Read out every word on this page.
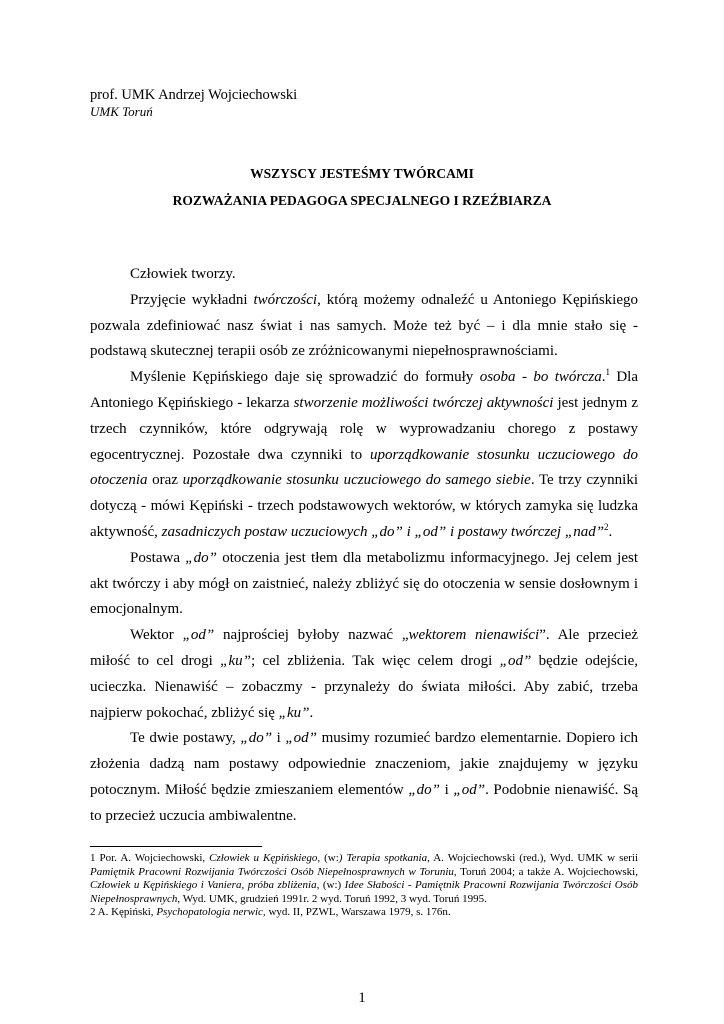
prof. UMK Andrzej Wojciechowski
UMK Toruń
WSZYSCY JESTEŚMY TWÓRCAMI
ROZWAŻANIA PEDAGOGA SPECJALNEGO I RZEŹBIARZA

Człowiek tworzy.

Przyjęcie wykładni twórczości, którą możemy odnaleźć u Antoniego Kępińskiego pozwala zdefiniować nasz świat i nas samych. Może też być – i dla mnie stało się - podstawą skutecznej terapii osób ze zróżnicowanymi niepełnosprawnościami.

Myślenie Kępińskiego daje się sprowadzić do formuły osoba - bo twórcza.$^1$ Dla Antoniego Kępińskiego - lekarza stworzenie możliwości twórczej aktywności jest jednym z trzech czynników, które odgrywają rolę w wyprowadzaniu chorego z postawy egocentrycznej. Pozostałe dwa czynniki to uporządkowanie stosunku uczuciowego do otoczenia oraz uporządkowanie stosunku uczuciowego do samego siebie. Te trzy czynniki dotyczą - mówi Kępiński - trzech podstawowych wektorów, w których zamyka się ludzka aktywność, zasadniczych postaw uczuciowych „do” i „od” i postawy twórczej „nad”$^2$.

Postawa „do” otoczenia jest tłem dla metabolizmu informacyjnego. Jej celem jest akt twórczy i aby mógł on zaistnieć, należy zbliżyć się do otoczenia w sensie dosłownym i emocjonalnym.

Wektor „od” najprościej byłoby nazwać „wektorem nienawiści”. Ale przecież miłość to cel drogi „ku”; cel zbliżenia. Tak więc celem drogi „od” będzie odejście, ucieczka. Nienawiść – zobaczmy - przynależy do świata miłości. Aby zabić, trzeba najpierw pokochać, zbliżyć się „ku”.

Te dwie postawy, „do” i „od” musimy rozumieć bardzo elementarnie. Dopiero ich złożenia dadzą nam postawy odpowiednie znaczeniom, jakie znajdujemy w języku potocznym. Miłość będzie zmieszaniem elementów „do” i „od”. Podobnie nienawiść. Są to przecież uczucia ambiwalentne.

1 Por. A. Wojciechowski, Człowiek u Kępińskiego, (w:) Terapia spotkania, A. Wojciechowski (red.), Wyd. UMK w serii Pamiętnik Pracowni Rozwijania Twórczości Osób Niepełnosprawnych w Toruniu, Toruń 2004; a także A. Wojciechowski, Człowiek u Kępińskiego i Vaniera, próba zbliżenia, (w:) Idee Słabości - Pamiętnik Pracowni Rozwijania Twórczości Osób Niepełnosprawnych, Wyd. UMK, grudzień 1991r. 2 wyd. Toruń 1992, 3 wyd. Toruń 1995.

2 A. Kępiński, Psychopatologia nerwic, wyd. II, PZWL, Warszawa 1979, s. 176n.

1
